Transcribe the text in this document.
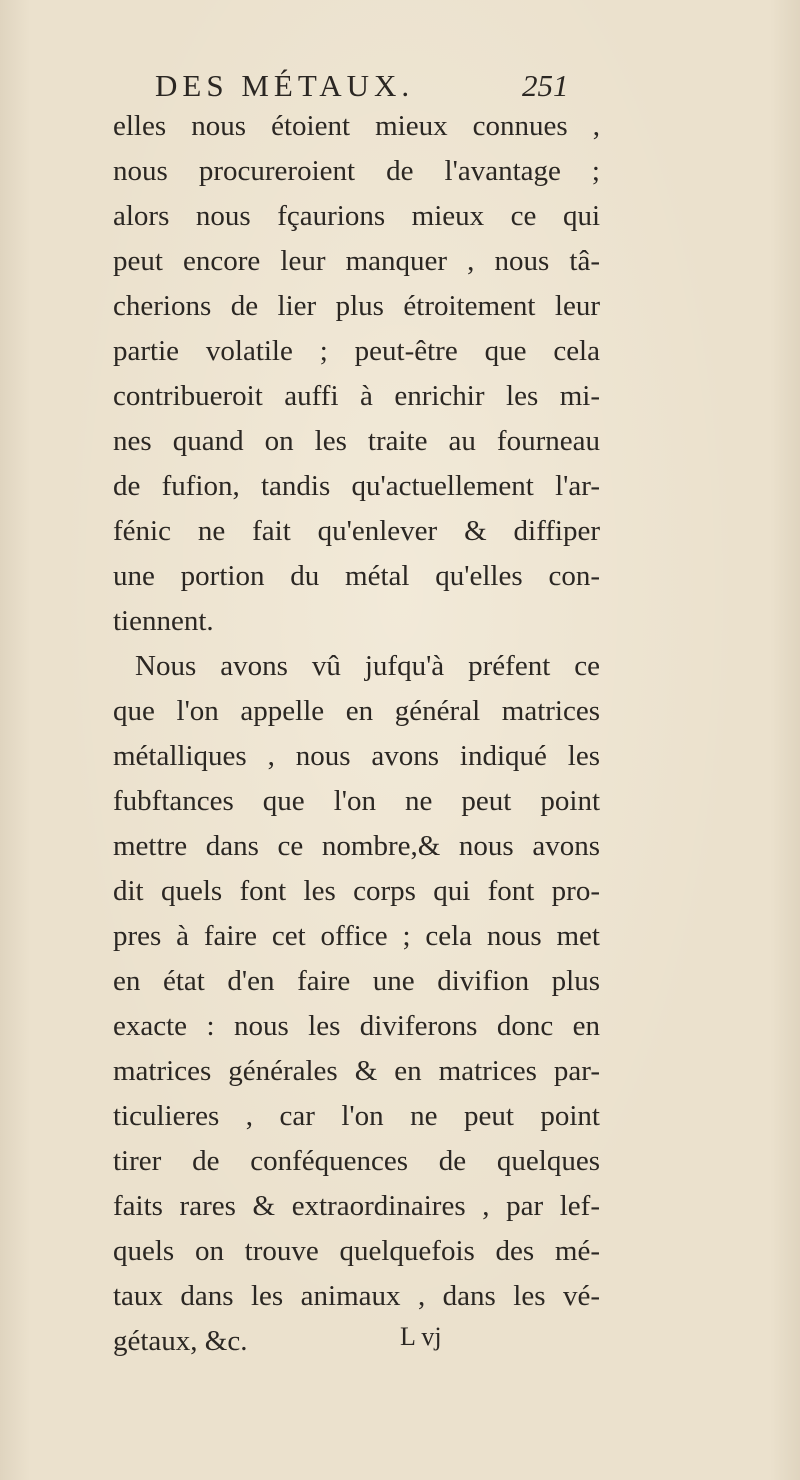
DES MÉTAUX.	251
elles nous étoient mieux connues ,
nous procureroient de l'avantage ;
alors nous fçaurions mieux ce qui
peut encore leur manquer , nous tâ-
cherions de lier plus étroitement leur
partie volatile ; peut-être que cela
contribueroit auffi à enrichir les mi-
nes quand on les traite au fourneau
de fufion, tandis qu'actuellement l'ar-
fénic ne fait qu'enlever & diffiper
une portion du métal qu'elles con-
tiennent.
Nous avons vû jufqu'à préfent ce
que l'on appelle en général matrices
métalliques , nous avons indiqué les
fubftances que l'on ne peut point
mettre dans ce nombre,& nous avons
dit quels font les corps qui font pro-
pres à faire cet office ; cela nous met
en état d'en faire une divifion plus
exacte : nous les diviferons donc en
matrices générales & en matrices par-
ticulieres , car l'on ne peut point
tirer de conféquences de quelques
faits rares & extraordinaires , par lef-
quels on trouve quelquefois des mé-
taux dans les animaux , dans les vé-
gétaux, &c.	L vj
